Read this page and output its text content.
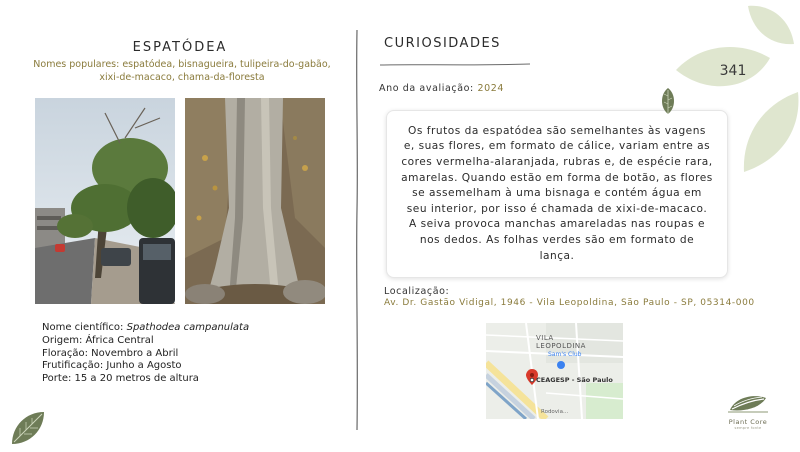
ESPATÓDEA
Nomes populares: espatódea, bisnagueira, tulipeira-do-gabão, xixi-de-macaco, chama-da-floresta
Nome científico: Spathodea campanulata
Origem: África Central
Floração: Novembro a Abril
Frutificação: Junho a Agosto
Porte: 15 a 20 metros de altura
CURIOSIDADES
Ano da avaliação: 2024

Os frutos da espatódea são semelhantes às vagens e, suas flores, em formato de cálice, variam entre as cores vermelha-alaranjada, rubras e, de espécie rara, amarelas. Quando estão em forma de botão, as flores se assemelham à uma bisnaga e contém água em seu interior, por isso é chamada de xixi-de-macaco. A seiva provoca manchas amareladas nas roupas e nos dedos. As folhas verdes são em formato de lança.

Localização:
Av. Dr. Gastão Vidigal, 1946 - Vila Leopoldina, São Paulo - SP, 05314-000
VILA LEOPOLDINA
Sam's Club
CEAGESP - São Paulo
Rodovia...
341
Plant Core
sempre fonte
